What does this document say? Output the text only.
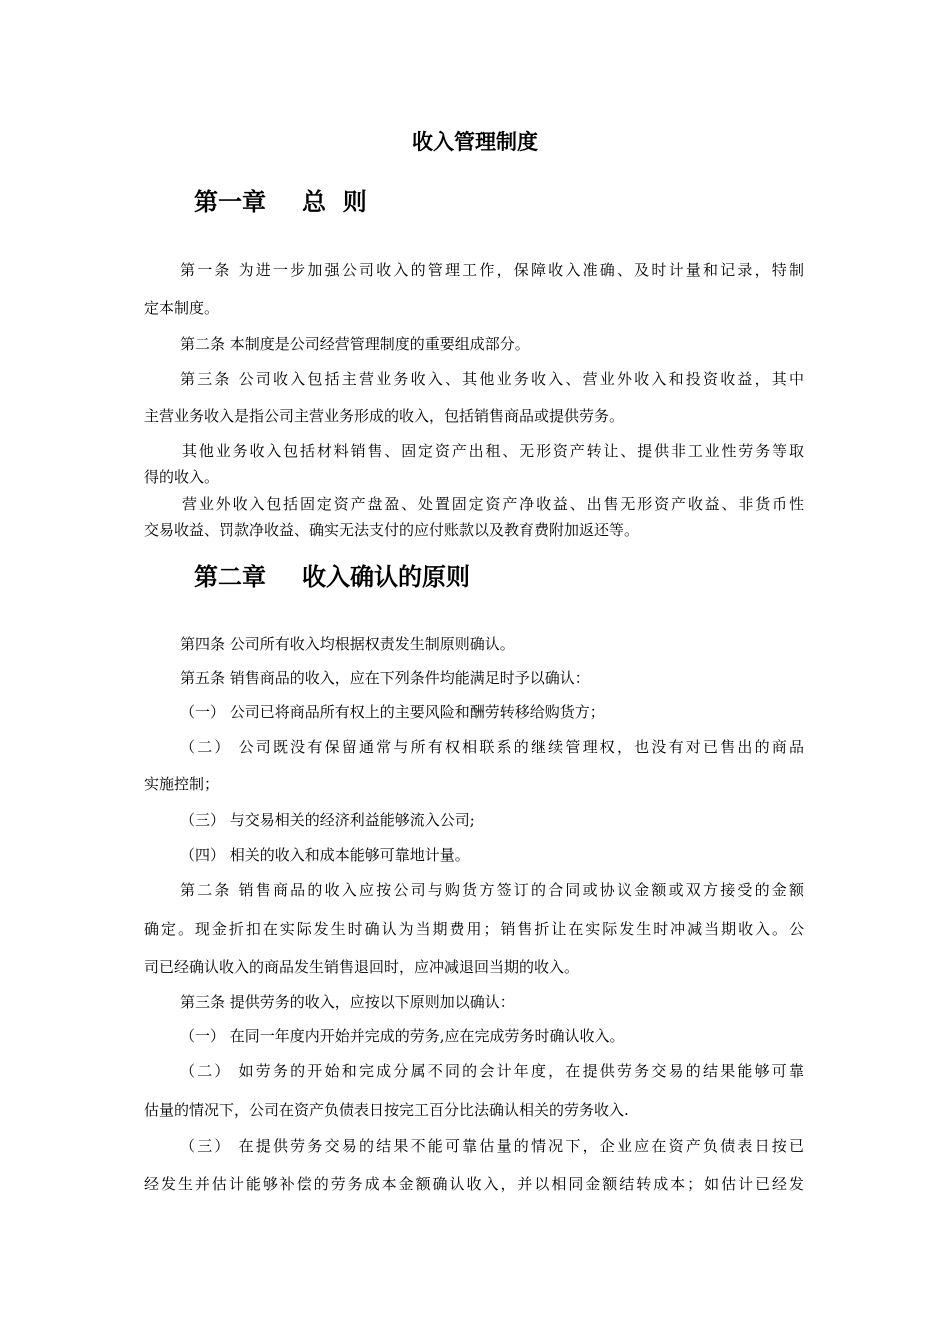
收入管理制度
第一章 总  则
第一条 为进一步加强公司收入的管理工作，保障收入准确、及时计量和记录，特制
定本制度。
第二条 本制度是公司经营管理制度的重要组成部分。
第三条 公司收入包括主营业务收入、其他业务收入、营业外收入和投资收益，其中
主营业务收入是指公司主营业务形成的收入，包括销售商品或提供劳务。
其他业务收入包括材料销售、固定资产出租、无形资产转让、提供非工业性劳务等取
得的收入。
营业外收入包括固定资产盘盈、处置固定资产净收益、出售无形资产收益、非货币性
交易收益、罚款净收益、确实无法支付的应付账款以及教育费附加返还等。
第二章 收入确认的原则
第四条 公司所有收入均根据权责发生制原则确认。
第五条 销售商品的收入，应在下列条件均能满足时予以确认：
（一） 公司已将商品所有权上的主要风险和酬劳转移给购货方；
（二） 公司既没有保留通常与所有权相联系的继续管理权，也没有对已售出的商品
实施控制；
（三） 与交易相关的经济利益能够流入公司;
（四） 相关的收入和成本能够可靠地计量。
第二条 销售商品的收入应按公司与购货方签订的合同或协议金额或双方接受的金额
确定。现金折扣在实际发生时确认为当期费用；销售折让在实际发生时冲减当期收入。公
司已经确认收入的商品发生销售退回时，应冲减退回当期的收入。
第三条 提供劳务的收入，应按以下原则加以确认：
（一） 在同一年度内开始并完成的劳务,应在完成劳务时确认收入。
（二） 如劳务的开始和完成分属不同的会计年度，在提供劳务交易的结果能够可靠
估量的情况下，公司在资产负债表日按完工百分比法确认相关的劳务收入.
（三） 在提供劳务交易的结果不能可靠估量的情况下，企业应在资产负债表日按已
经发生并估计能够补偿的劳务成本金额确认收入，并以相同金额结转成本；如估计已经发
